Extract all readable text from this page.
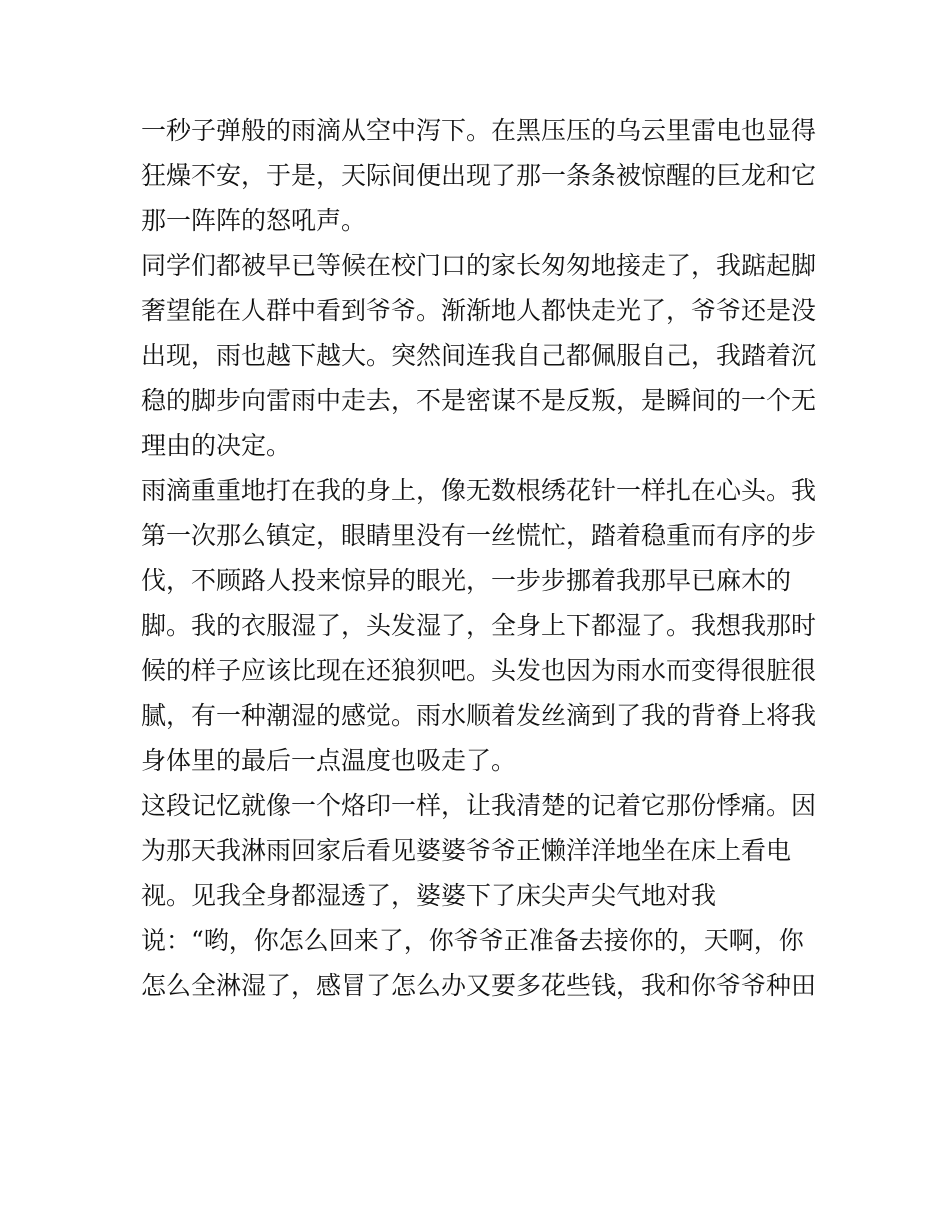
一秒子弹般的雨滴从空中泻下。在黑压压的乌云里雷电也显得
狂燥不安，于是，天际间便出现了那一条条被惊醒的巨龙和它
那一阵阵的怒吼声。
同学们都被早已等候在校门口的家长匆匆地接走了，我踮起脚
奢望能在人群中看到爷爷。渐渐地人都快走光了，爷爷还是没
出现，雨也越下越大。突然间连我自己都佩服自己，我踏着沉
稳的脚步向雷雨中走去，不是密谋不是反叛，是瞬间的一个无
理由的决定。
雨滴重重地打在我的身上，像无数根绣花针一样扎在心头。我
第一次那么镇定，眼睛里没有一丝慌忙，踏着稳重而有序的步
伐，不顾路人投来惊异的眼光，一步步挪着我那早已麻木的
脚。我的衣服湿了，头发湿了，全身上下都湿了。我想我那时
候的样子应该比现在还狼狈吧。头发也因为雨水而变得很脏很
腻，有一种潮湿的感觉。雨水顺着发丝滴到了我的背脊上将我
身体里的最后一点温度也吸走了。
这段记忆就像一个烙印一样，让我清楚的记着它那份悸痛。因
为那天我淋雨回家后看见婆婆爷爷正懒洋洋地坐在床上看电
视。见我全身都湿透了，婆婆下了床尖声尖气地对我
说：“哟，你怎么回来了，你爷爷正准备去接你的，天啊，你
怎么全淋湿了，感冒了怎么办又要多花些钱，我和你爷爷种田
